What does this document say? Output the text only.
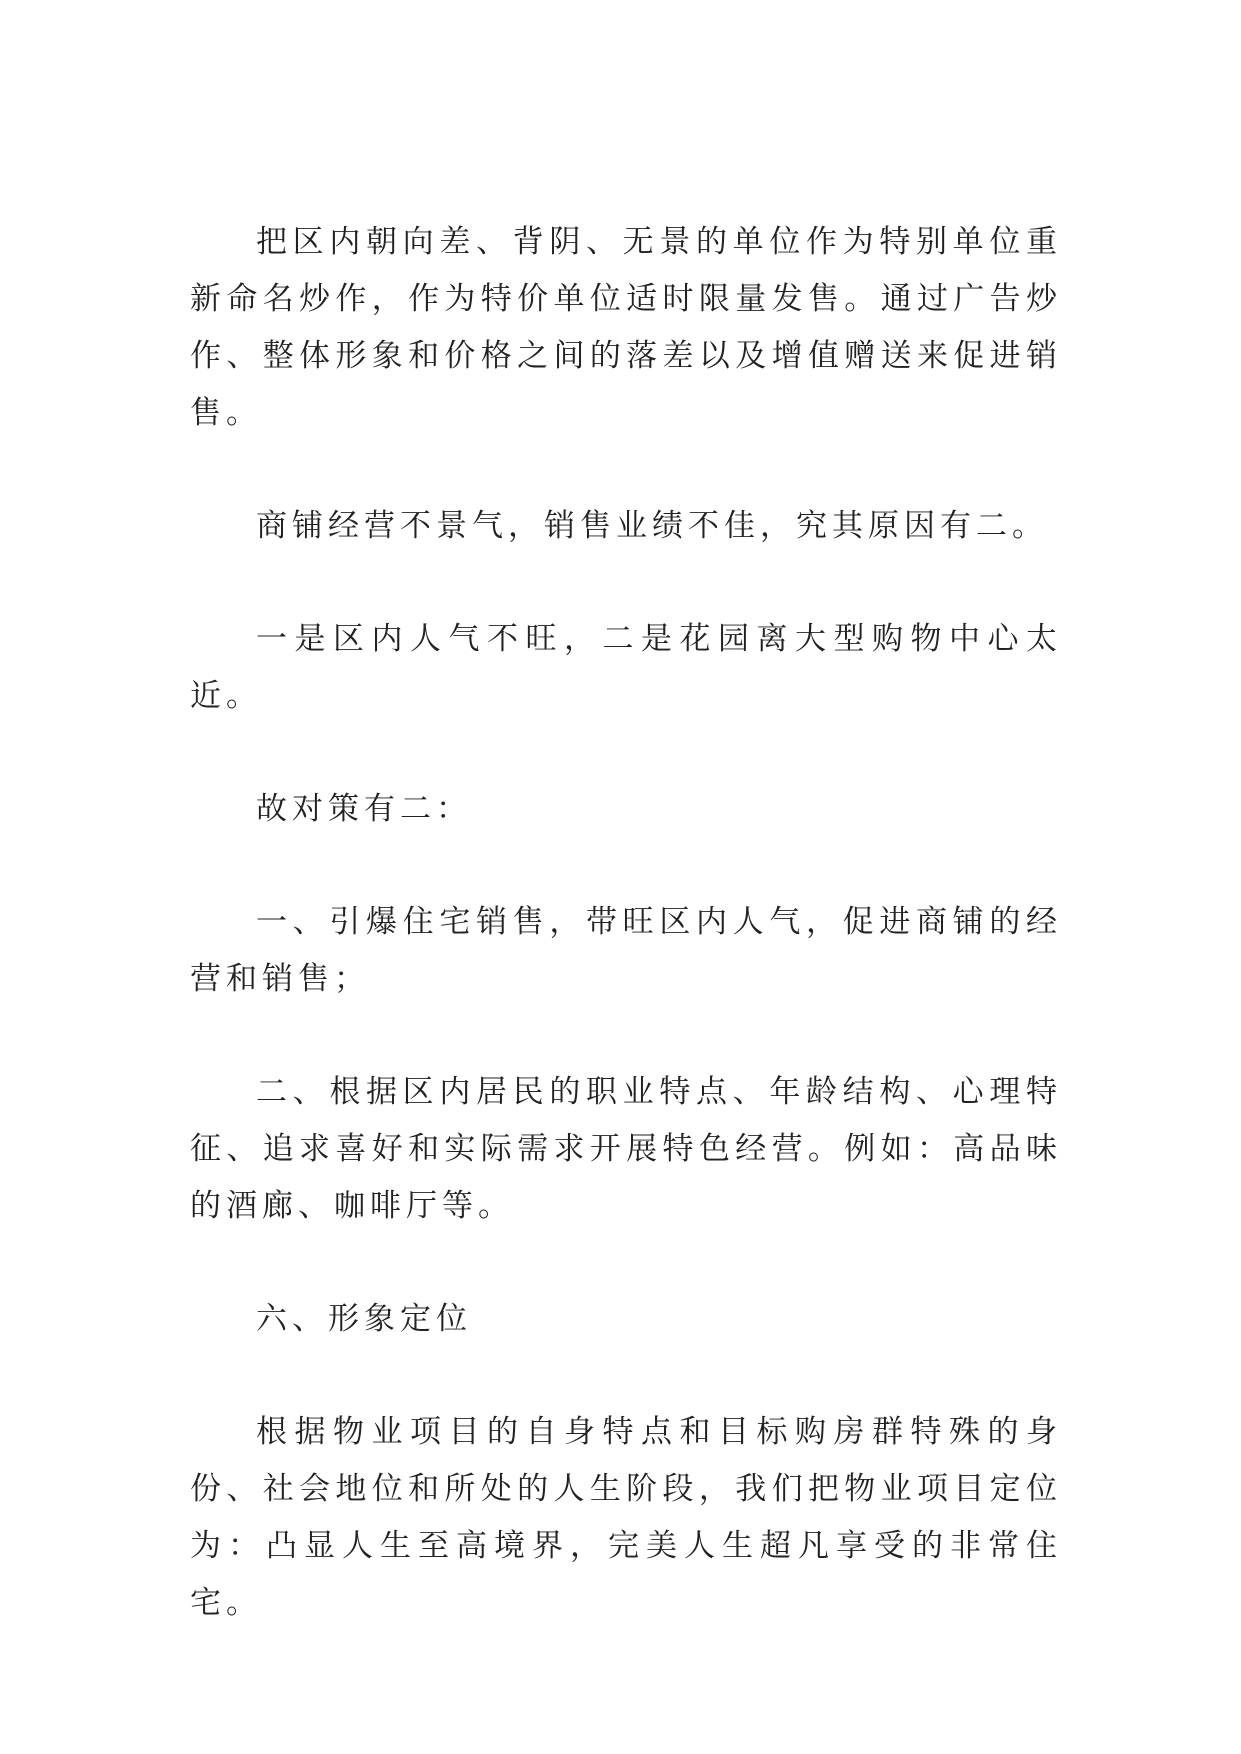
把区内朝向差、背阴、无景的单位作为特别单位重新命名炒作，作为特价单位适时限量发售。通过广告炒作、整体形象和价格之间的落差以及增值赠送来促进销售。

商铺经营不景气，销售业绩不佳，究其原因有二。

一是区内人气不旺，二是花园离大型购物中心太近。

故对策有二：

一、引爆住宅销售，带旺区内人气，促进商铺的经营和销售；

二、根据区内居民的职业特点、年龄结构、心理特征、追求喜好和实际需求开展特色经营。例如：高品味的酒廊、咖啡厅等。

六、形象定位

根据物业项目的自身特点和目标购房群特殊的身份、社会地位和所处的人生阶段，我们把物业项目定位为：凸显人生至高境界，完美人生超凡享受的非常住宅。
